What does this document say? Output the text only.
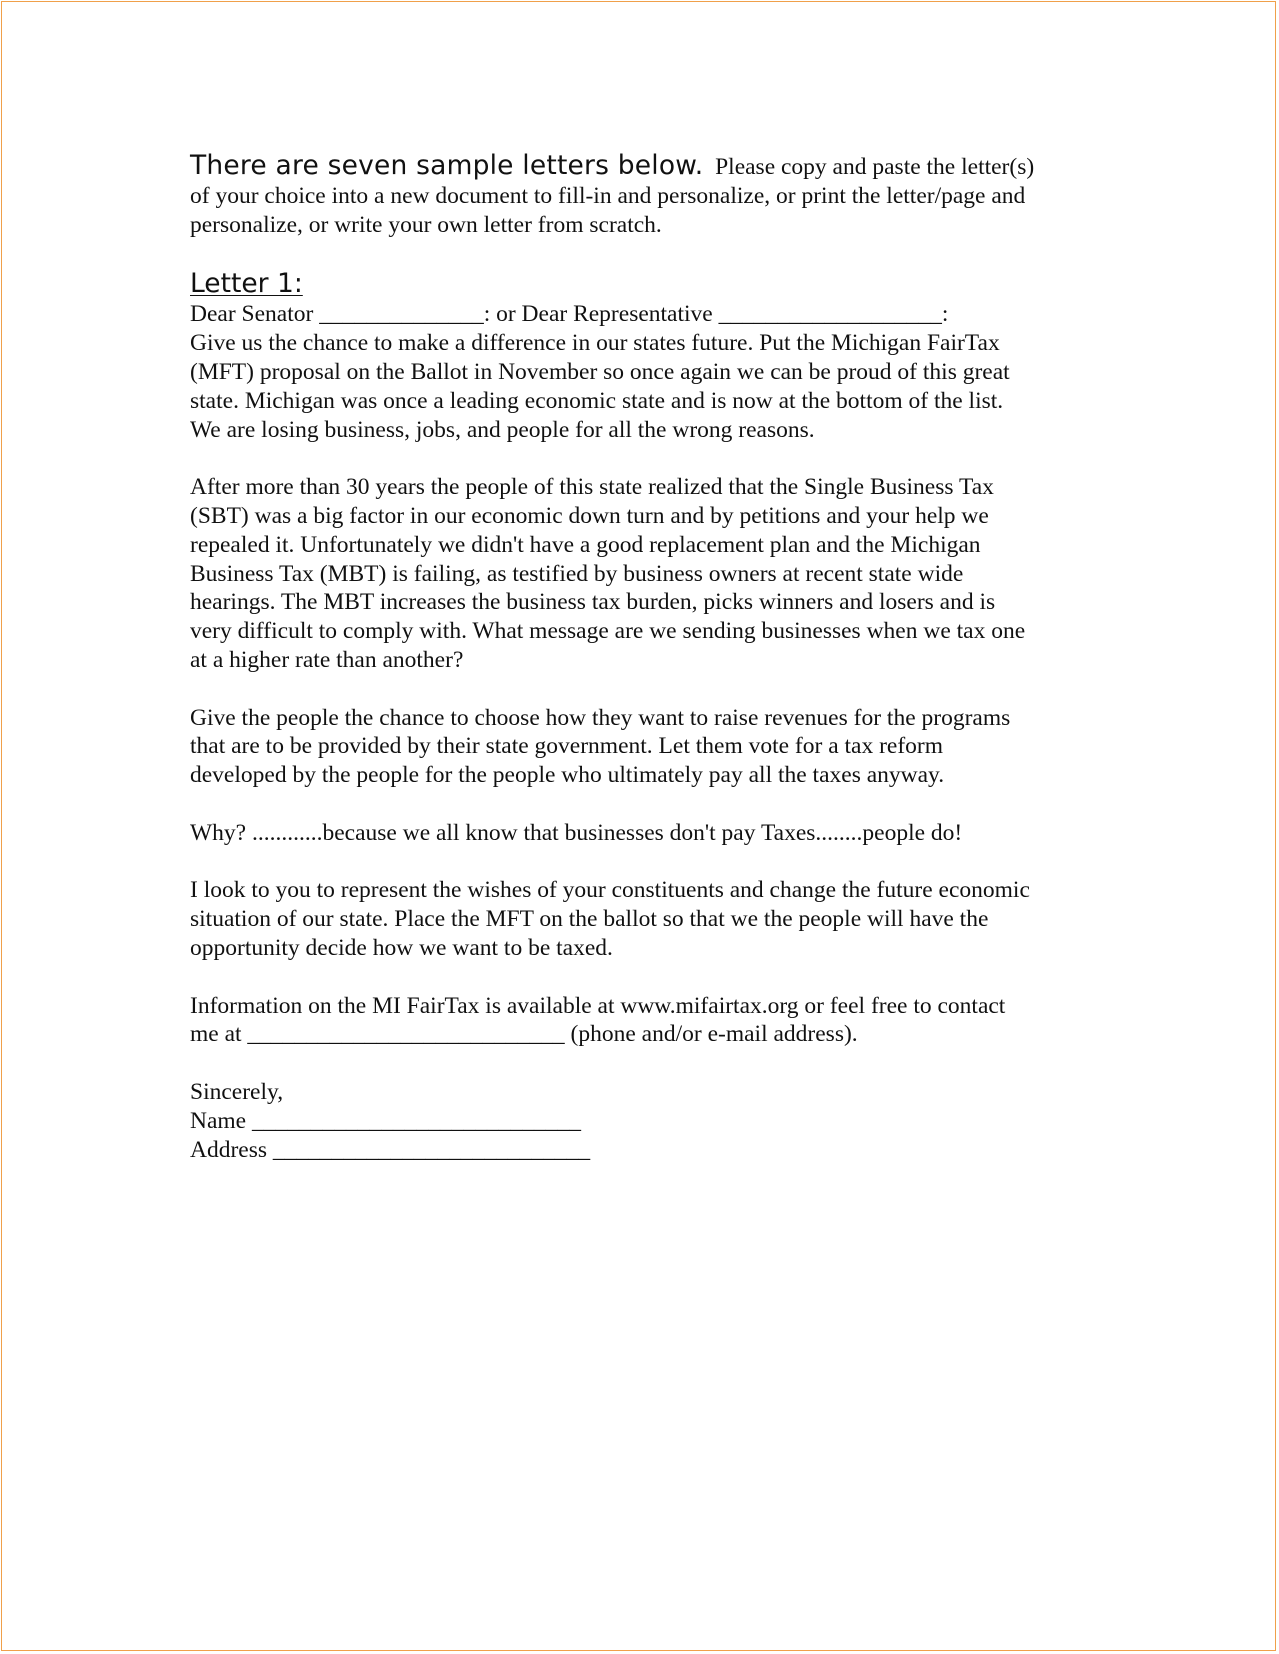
There are seven sample letters below. Please copy and paste the letter(s)
of your choice into a new document to fill-in and personalize, or print the letter/page and
personalize, or write your own letter from scratch.
Letter 1:
Dear Senator ______________: or Dear Representative ___________________:

Give us the chance to make a difference in our states future. Put the Michigan FairTax
(MFT) proposal on the Ballot in November so once again we can be proud of this great
state. Michigan was once a leading economic state and is now at the bottom of the list.
We are losing business, jobs, and people for all the wrong reasons.

After more than 30 years the people of this state realized that the Single Business Tax
(SBT) was a big factor in our economic down turn and by petitions and your help we
repealed it. Unfortunately we didn't have a good replacement plan and the Michigan
Business Tax (MBT) is failing, as testified by business owners at recent state wide
hearings. The MBT increases the business tax burden, picks winners and losers and is
very difficult to comply with. What message are we sending businesses when we tax one
at a higher rate than another?

Give the people the chance to choose how they want to raise revenues for the programs
that are to be provided by their state government. Let them vote for a tax reform
developed by the people for the people who ultimately pay all the taxes anyway.

Why? ............because we all know that businesses don't pay Taxes........people do!

I look to you to represent the wishes of your constituents and change the future economic
situation of our state. Place the MFT on the ballot so that we the people will have the
opportunity decide how we want to be taxed.

Information on the MI FairTax is available at www.mifairtax.org or feel free to contact
me at ___________________________ (phone and/or e-mail address).

Sincerely,
Name ____________________________
Address ___________________________
